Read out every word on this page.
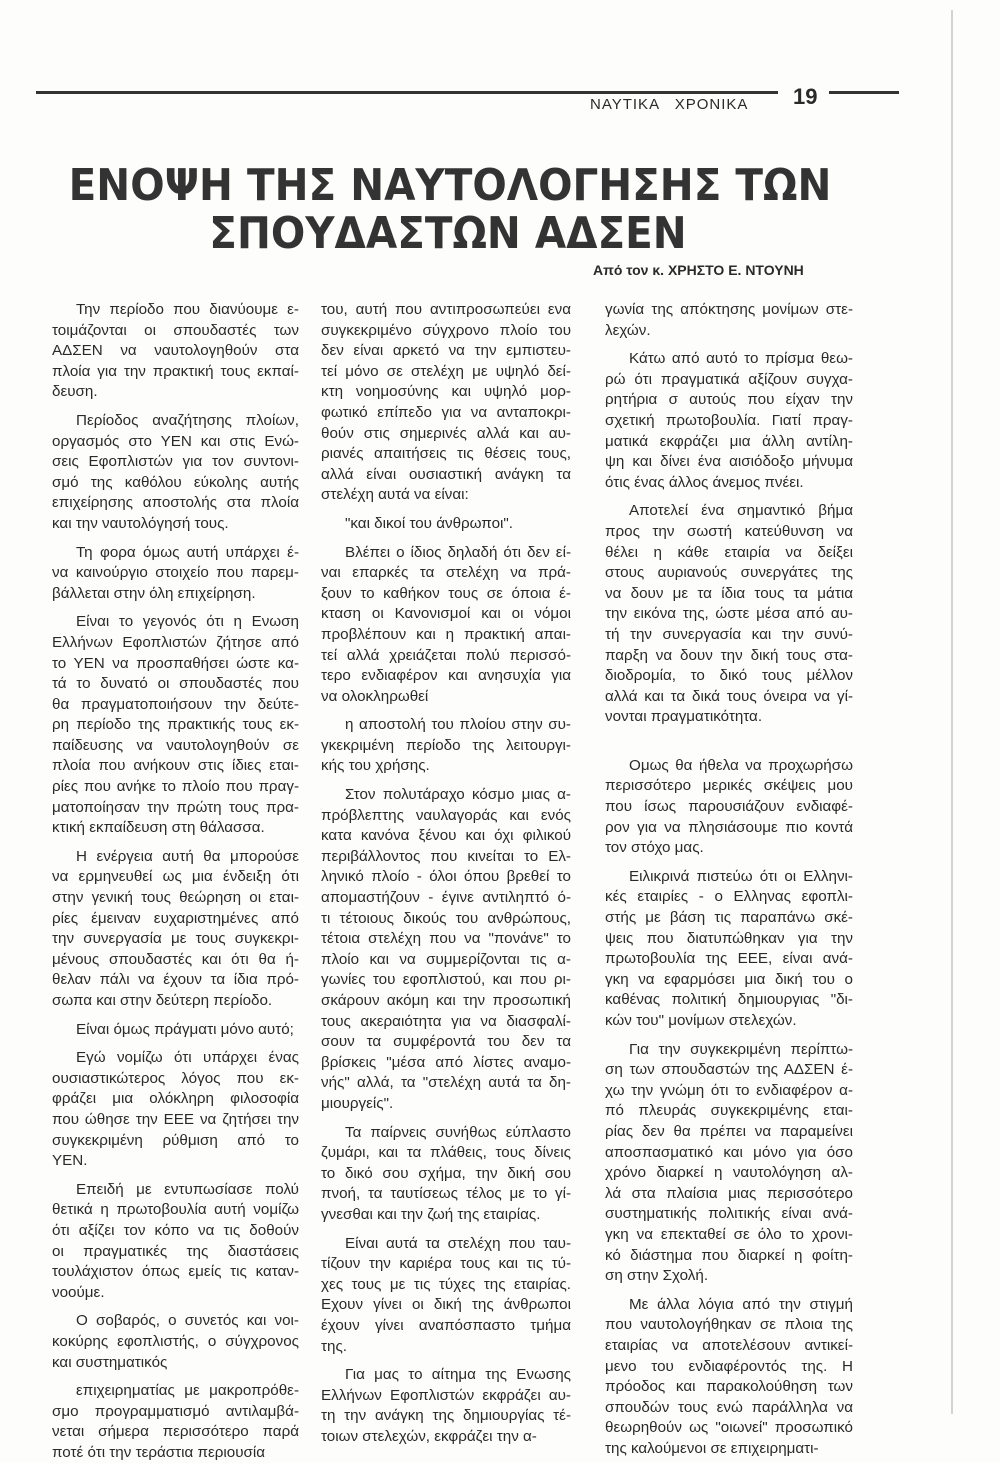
ΝΑΥΤΙΚΑ   ΧΡΟΝΙΚΑ 19
ΕΝΟΨΗ ΤΗΣ ΝΑΥΤΟΛΟΓΗΣΗΣ ΤΩΝ
ΣΠΟΥΔΑΣΤΩΝ ΑΔΣΕΝ
Από τον κ. ΧΡΗΣΤΟ Ε. ΝΤΟΥΝΗ
Την περίοδο που διανύουμε ε-
τοιμάζονται οι σπουδαστές των
ΑΔΣΕΝ να ναυτολογηθούν στα
πλοία για την πρακτική τους εκπαί-
δευση.
Περίοδος αναζήτησης πλοίων,
οργασμός στο ΥΕΝ και στις Ενώ-
σεις Εφοπλιστών για τον συντονι-
σμό της καθόλου εύκολης αυτής
επιχείρησης αποστολής στα πλοία
και την ναυτολόγησή τους.
Τη φορα όμως αυτή υπάρχει έ-
να καινούργιο στοιχείο που παρεμ-
βάλλεται στην όλη επιχείρηση.
Είναι το γεγονός ότι η Ενωση
Ελλήνων Εφοπλιστών ζήτησε από
το ΥΕΝ να προσπαθήσει ώστε κα-
τά το δυνατό οι σπουδαστές που
θα πραγματοποιήσουν την δεύτε-
ρη περίοδο της πρακτικής τους εκ-
παίδευσης να ναυτολογηθούν σε
πλοία που ανήκουν στις ίδιες εται-
ρίες που ανήκε το πλοίο που πραγ-
ματοποίησαν την πρώτη τους πρα-
κτική εκπαίδευση στη θάλασσα.
Η ενέργεια αυτή θα μπορούσε
να ερμηνευθεί ως μια ένδειξη ότι
στην γενική τους θεώρηση οι εται-
ρίες έμειναν ευχαριστημένες από
την συνεργασία με τους συγκεκρι-
μένους σπουδαστές και ότι θα ή-
θελαν πάλι να έχουν τα ίδια πρό-
σωπα και στην δεύτερη περίοδο.
Είναι όμως πράγματι μόνο αυτό;
Εγώ νομίζω ότι υπάρχει ένας
ουσιαστικώτερος λόγος που εκ-
φράζει μια ολόκληρη φιλοσοφία
που ώθησε την ΕΕΕ να ζητήσει την
συγκεκριμένη ρύθμιση από το
ΥΕΝ.
Επειδή με εντυπωσίασε πολύ
θετικά η πρωτοβουλία αυτή νομίζω
ότι αξίζει τον κόπο να τις δοθούν
οι πραγματικές της διαστάσεις
τουλάχιστον όπως εμείς τις καταν-
νοούμε.
Ο σοβαρός, ο συνετός και νοι-
κοκύρης εφοπλιστής, ο σύγχρονος
και συστηματικός
επιχειρηματίας με μακροπρόθε-
σμο προγραμματισμό αντιλαμβά-
νεται σήμερα περισσότερο παρά
ποτέ ότι την τεράστια περιουσία
του, αυτή που αντιπροσωπεύει ενα
συγκεκριμένο σύγχρονο πλοίο του
δεν είναι αρκετό να την εμπιστευ-
τεί μόνο σε στελέχη με υψηλό δεί-
κτη νοημοσύνης και υψηλό μορ-
φωτικό επίπεδο για να ανταποκρι-
θούν στις σημερινές αλλά και αυ-
ριανές απαιτήσεις τις θέσεις τους,
αλλά είναι ουσιαστική ανάγκη τα
στελέχη αυτά να είναι:
"και δικοί του άνθρωποι".
Βλέπει ο ίδιος δηλαδή ότι δεν εί-
ναι επαρκές τα στελέχη να πρά-
ξουν το καθήκον τους σε όποια έ-
κταση οι Κανονισμοί και οι νόμοι
προβλέπουν και η πρακτική απαι-
τεί αλλά χρειάζεται πολύ περισσό-
τερο ενδιαφέρον και ανησυχία για
να ολοκληρωθεί
η αποστολή του πλοίου στην συ-
γκεκριμένη περίοδο της λειτουργι-
κής του χρήσης.
Στον πολυτάραχο κόσμο μιας α-
πρόβλεπτης ναυλαγοράς και ενός
κατα κανόνα ξένου και όχι φιλικού
περιβάλλοντος που κινείται το Ελ-
ληνικό πλοίο - όλοι όπου βρεθεί το
απομαστήζουν - έγινε αντιληπτό ό-
τι τέτοιους δικούς του ανθρώπους,
τέτοια στελέχη που να "πονάνε" το
πλοίο και να συμμερίζονται τις α-
γωνίες του εφοπλιστού, και που ρι-
σκάρουν ακόμη και την προσωπική
τους ακεραιότητα για να διασφαλί-
σουν τα συμφέροντά του δεν τα
βρίσκεις "μέσα από λίστες αναμο-
νής" αλλά, τα "στελέχη αυτά τα δη-
μιουργείς".
Τα παίρνεις συνήθως εύπλαστο
ζυμάρι, και τα πλάθεις, τους δίνεις
το δικό σου σχήμα, την δική σου
πνοή, τα ταυτίσεως τέλος με το γί-
γνεσθαι και την ζωή της εταιρίας.
Είναι αυτά τα στελέχη που ταυ-
τίζουν την καριέρα τους και τις τύ-
χες τους με τις τύχες της εταιρίας.
Εχουν γίνει οι δική της άνθρωποι
έχουν γίνει αναπόσπαστο τμήμα
της.
Για μας το αίτημα της Ενωσης
Ελλήνων Εφοπλιστών εκφράζει αυ-
τη την ανάγκη της δημιουργίας τέ-
τοιων στελεχών, εκφράζει την α-
γωνία της απόκτησης μονίμων στε-
λεχών.
Κάτω από αυτό το πρίσμα θεω-
ρώ ότι πραγματικά αξίζουν συγχα-
ρητήρια σ αυτούς που είχαν την
σχετική πρωτοβουλία. Γιατί πραγ-
ματικά εκφράζει μια άλλη αντίλη-
ψη και δίνει ένα αισιόδοξο μήνυμα
ότις ένας άλλος άνεμος πνέει.
Αποτελεί ένα σημαντικό βήμα
προς την σωστή κατεύθυνση να
θέλει η κάθε εταιρία να δείξει
στους αυριανούς συνεργάτες της
να δουν με τα ίδια τους τα μάτια
την εικόνα της, ώστε μέσα από αυ-
τή την συνεργασία και την συνύ-
παρξη να δουν την δική τους στα-
διοδρομία, το δικό τους μέλλον
αλλά και τα δικά τους όνειρα να γί-
νονται πραγματικότητα.
Ομως θα ήθελα να προχωρήσω
περισσότερο μερικές σκέψεις μου
που ίσως παρουσιάζουν ενδιαφέ-
ρον για να πλησιάσουμε πιο κοντά
τον στόχο μας.
Ειλικρινά πιστεύω ότι οι Ελληνι-
κές εταιρίες - ο Ελληνας εφοπλι-
στής με βάση τις παραπάνω σκέ-
ψεις που διατυπώθηκαν για την
πρωτοβουλία της ΕΕΕ, είναι ανά-
γκη να εφαρμόσει μια δική του ο
καθένας πολιτική δημιουργιας "δι-
κών του" μονίμων στελεχών.
Για την συγκεκριμένη περίπτω-
ση των σπουδαστών της ΑΔΣΕΝ έ-
χω την γνώμη ότι το ενδιαφέρον α-
πό πλευράς συγκεκριμένης εται-
ρίας δεν θα πρέπει να παραμείνει
αποσπασματικό και μόνο για όσο
χρόνο διαρκεί η ναυτολόγηση αλ-
λά στα πλαίσια μιας περισσότερο
συστηματικής πολιτικής είναι ανά-
γκη να επεκταθεί σε όλο το χρονι-
κό διάστημα που διαρκεί η φοίτη-
ση στην Σχολή.
Με άλλα λόγια από την στιγμή
που ναυτολογήθηκαν σε πλοια της
εταιρίας να αποτελέσουν αντικεί-
μενο του ενδιαφέροντός της. Η
πρόοδος και παρακολούθηση των
σπουδών τους ενώ παράλληλα να
θεωρηθούν ως "οιωνεί" προσωπικό
της καλούμενοι σε επιχειρηματι-
